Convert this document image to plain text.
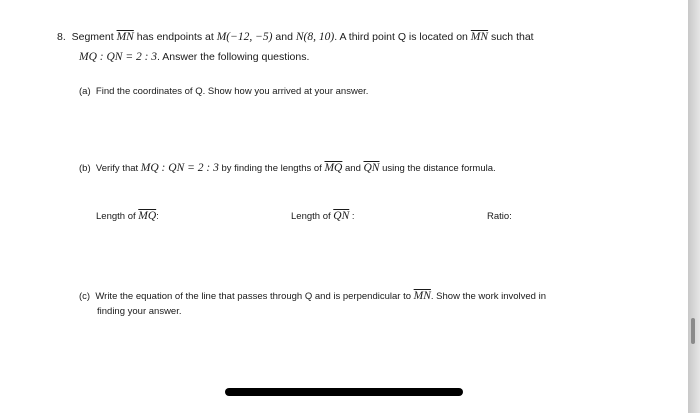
8. Segment $\overline{MN}$ has endpoints at M(−12, −5) and N(8, 10). A third point Q is located on $\overline{MN}$ such that
MQ : QN = 2 : 3. Answer the following questions.
(a) Find the coordinates of Q. Show how you arrived at your answer.
(b) Verify that MQ : QN = 2 : 3 by finding the lengths of $\overline{MQ}$ and $\overline{QN}$ using the distance formula.
Length of $\overline{MQ}$:	Length of $\overline{QN}$ :	Ratio:
(c) Write the equation of the line that passes through Q and is perpendicular to $\overline{MN}$. Show the work involved in
finding your answer.
